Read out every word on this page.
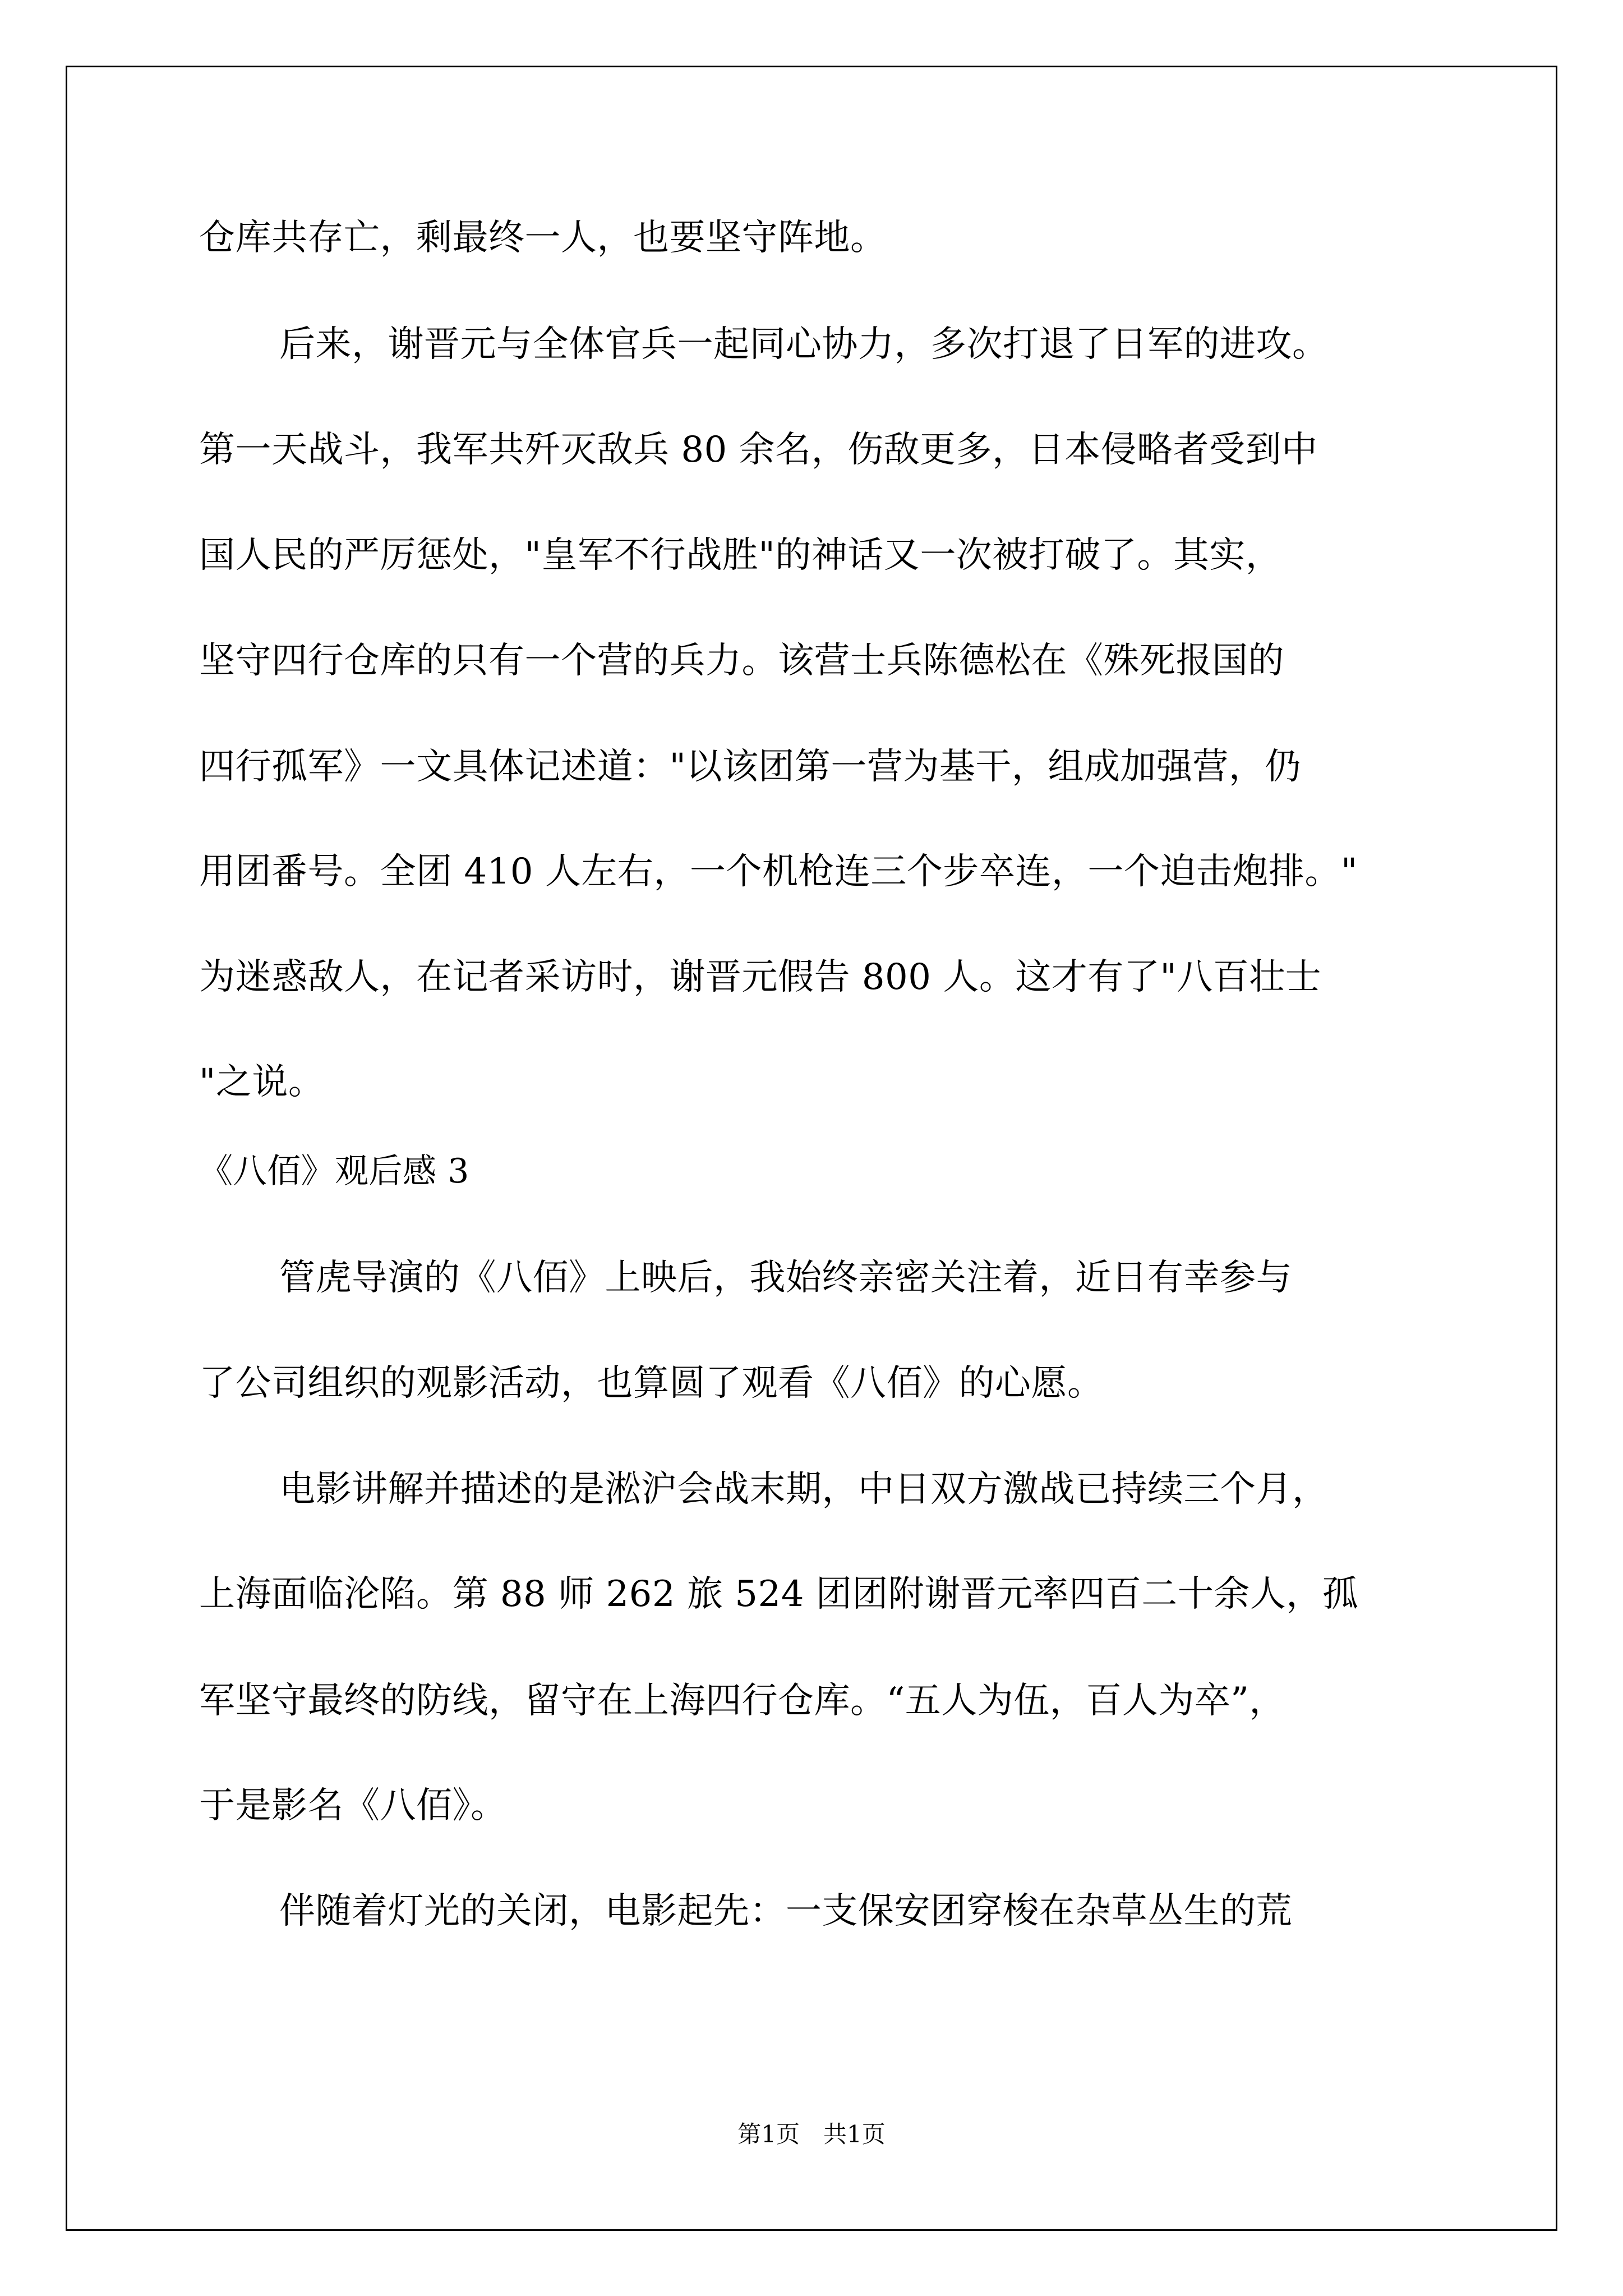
仓库共存亡，剩最终一人，也要坚守阵地。
后来，谢晋元与全体官兵一起同心协力，多次打退了日军的进攻。
第一天战斗，我军共歼灭敌兵 80 余名，伤敌更多，日本侵略者受到中
国人民的严厉惩处，"皇军不行战胜"的神话又一次被打破了。其实，
坚守四行仓库的只有一个营的兵力。该营士兵陈德松在《殊死报国的
四行孤军》一文具体记述道："以该团第一营为基干，组成加强营，仍
用团番号。全团 410 人左右，一个机枪连三个步卒连，一个迫击炮排。"
为迷惑敌人，在记者采访时，谢晋元假告 800 人。这才有了"八百壮士
"之说。
《八佰》观后感 3
管虎导演的《八佰》上映后，我始终亲密关注着，近日有幸参与
了公司组织的观影活动，也算圆了观看《八佰》的心愿。
电影讲解并描述的是淞沪会战末期，中日双方激战已持续三个月，
上海面临沦陷。第 88 师 262 旅 524 团团附谢晋元率四百二十余人，孤
军坚守最终的防线，留守在上海四行仓库。“五人为伍，百人为卒”，
于是影名《八佰》。
伴随着灯光的关闭，电影起先：一支保安团穿梭在杂草丛生的荒
第1页　共1页
